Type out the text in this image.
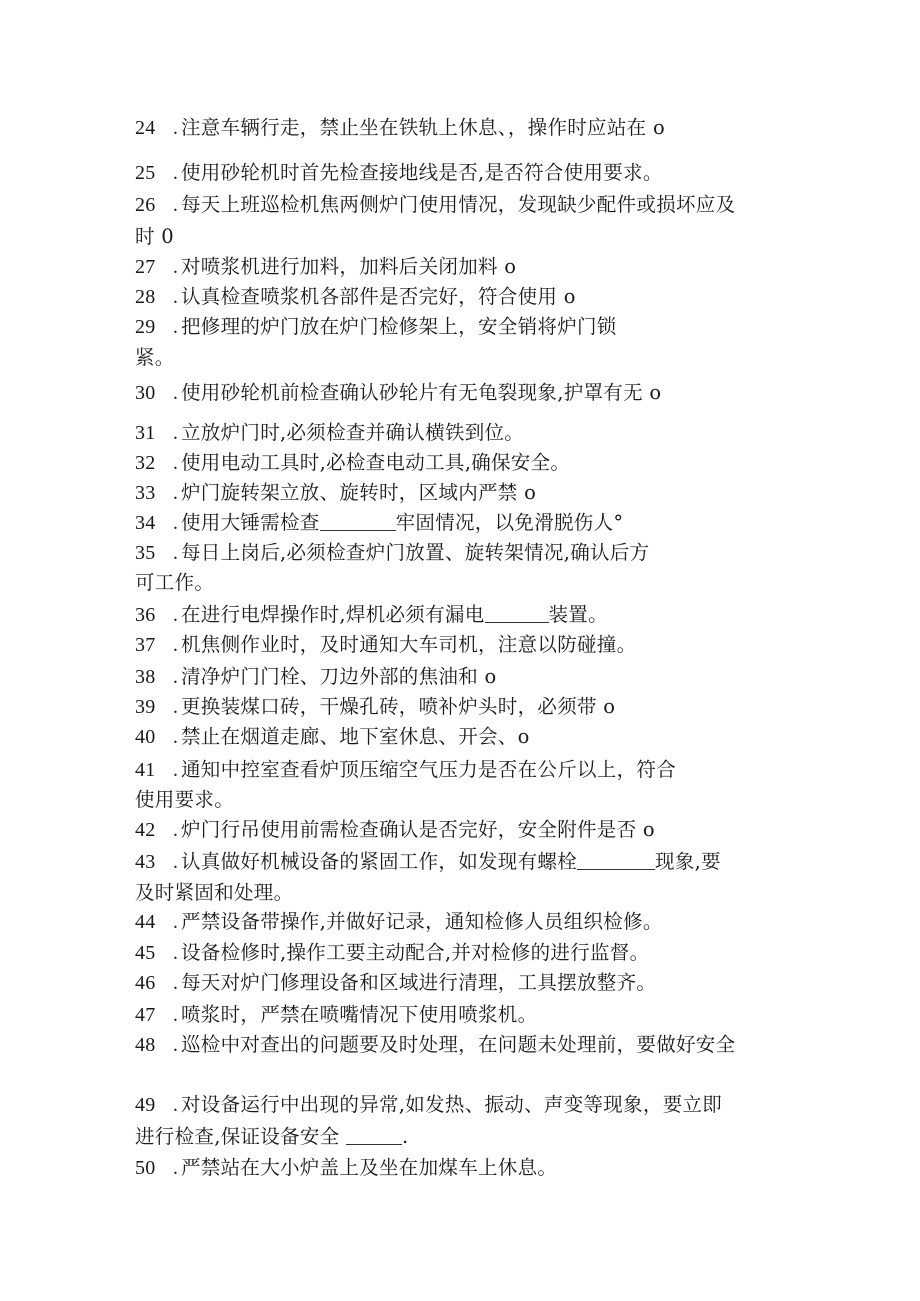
24 . 注意车辆行走，禁止坐在铁轨上休息、，操作时应站在 o
25 . 使用砂轮机时首先检查接地线是否,是否符合使用要求。
26 . 每天上班巡检机焦两侧炉门使用情况，发现缺少配件或损坏应及
时 0
27 . 对喷浆机进行加料，加料后关闭加料 o
28 . 认真检查喷浆机各部件是否完好，符合使用 o
29 . 把修理的炉门放在炉门检修架上，安全销将炉门锁
紧。
30 . 使用砂轮机前检查确认砂轮片有无龟裂现象,护罩有无 o
31 . 立放炉门时,必须检查并确认横铁到位。
32 . 使用电动工具时,必检查电动工具,确保安全。
33 . 炉门旋转架立放、旋转时，区域内严禁 o
34 . 使用大锤需检查	牢固情况，以免滑脱伤人°
35 . 每日上岗后,必须检查炉门放置、旋转架情况,确认后方
可工作。
36 . 在进行电焊操作时,焊机必须有漏电	装置。
37 . 机焦侧作业时，及时通知大车司机，注意以防碰撞。
38 . 清净炉门门栓、刀边外部的焦油和 o
39 . 更换装煤口砖，干燥孔砖，喷补炉头时，必须带 o
40 . 禁止在烟道走廊、地下室休息、开会、o
41 . 通知中控室查看炉顶压缩空气压力是否在公斤以上，符合
使用要求。
42 . 炉门行吊使用前需检查确认是否完好，安全附件是否 o
43 . 认真做好机械设备的紧固工作，如发现有螺栓	现象,要
及时紧固和处理。
44 . 严禁设备带操作,并做好记录，通知检修人员组织检修。
45 . 设备检修时,操作工要主动配合,并对检修的进行监督。
46 . 每天对炉门修理设备和区域进行清理，工具摆放整齐。
47 . 喷浆时，严禁在喷嘴情况下使用喷浆机。
48 . 巡检中对查出的问题要及时处理，在问题未处理前，要做好安全
49 . 对设备运行中出现的异常,如发热、振动、声变等现象，要立即
进行检查,保证设备安全	.
50 . 严禁站在大小炉盖上及坐在加煤车上休息。
